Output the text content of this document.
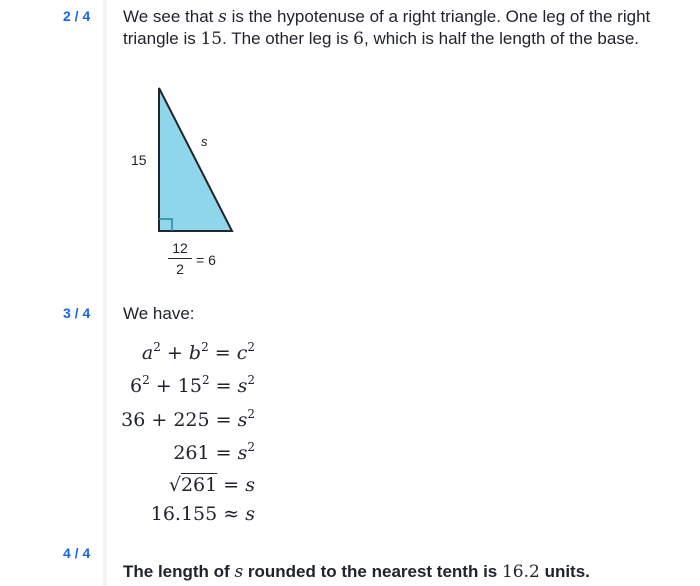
2 / 4 We see that s is the hypotenuse of a right triangle. One leg of the right triangle is 15. The other leg is 6, which is half the length of the base.
15
s
12
2
= 6
3 / 4 We have:
$a^2 + b^2 = c^2$
$6^2 + 15^2 = s^2$
$36 + 225 = s^2$
$261 = s^2$
√261 = s
16.155 ≈ s
4 / 4
The length of s rounded to the nearest tenth is 16.2 units.
